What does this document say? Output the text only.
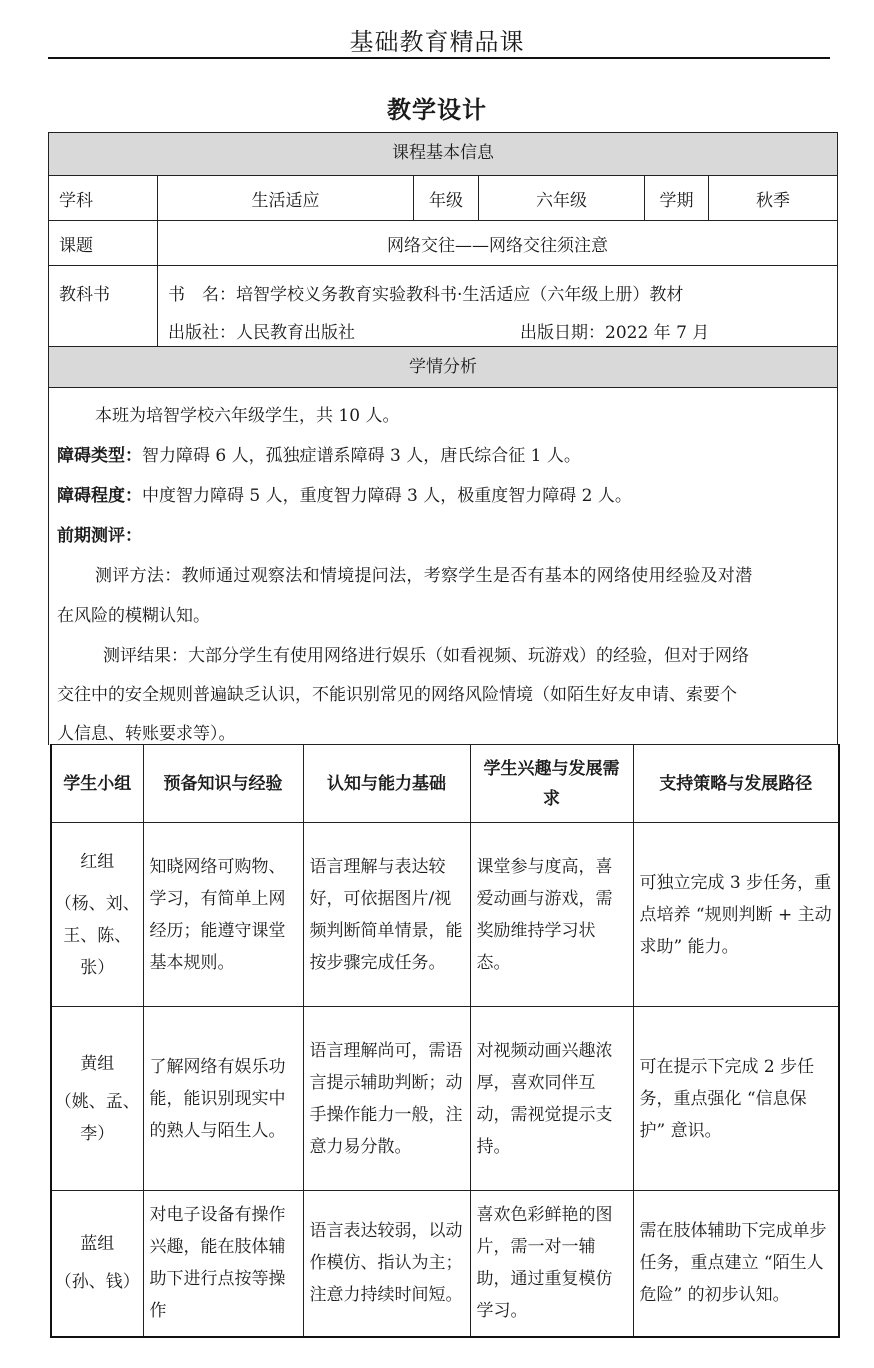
基础教育精品课
教学设计
课程基本信息
学科	生活适应	年级	六年级	学期	秋季
课题	网络交往——网络交往须注意
教科书	书　名：培智学校义务教育实验教科书·生活适应（六年级上册）教材
出版社：人民教育出版社	出版日期：2022 年 7 月
学情分析
本班为培智学校六年级学生，共 10 人。
障碍类型：智力障碍 6 人，孤独症谱系障碍 3 人，唐氏综合征 1 人。
障碍程度：中度智力障碍 5 人，重度智力障碍 3 人，极重度智力障碍 2 人。
前期测评：
测评方法：教师通过观察法和情境提问法，考察学生是否有基本的网络使用经验及对潜
在风险的模糊认知。
测评结果：大部分学生有使用网络进行娱乐（如看视频、玩游戏）的经验，但对于网络
交往中的安全规则普遍缺乏认识，不能识别常见的网络风险情境（如陌生好友申请、索要个
人信息、转账要求等）。
学生小组	预备知识与经验	认知与能力基础	学生兴趣与发展需求	支持策略与发展路径

红组
（杨、刘、王、陈、张）	知晓网络可购物、学习，有简单上网经历；能遵守课堂基本规则。	语言理解与表达较好，可依据图片/视频判断简单情景，能按步骤完成任务。	课堂参与度高，喜爱动画与游戏，需奖励维持学习状态。	可独立完成 3 步任务，重点培养 “规则判断 + 主动求助” 能力。

黄组
（姚、孟、李）	了解网络有娱乐功能，能识别现实中的熟人与陌生人。	语言理解尚可，需语言提示辅助判断；动手操作能力一般，注意力易分散。	对视频动画兴趣浓厚，喜欢同伴互动，需视觉提示支持。	可在提示下完成 2 步任务，重点强化 “信息保护” 意识。

蓝组
（孙、钱）	对电子设备有操作兴趣，能在肢体辅助下进行点按等操作	语言表达较弱，以动作模仿、指认为主；注意力持续时间短。	喜欢色彩鲜艳的图片，需一对一辅助，通过重复模仿学习。	需在肢体辅助下完成单步任务，重点建立 “陌生人危险” 的初步认知。
